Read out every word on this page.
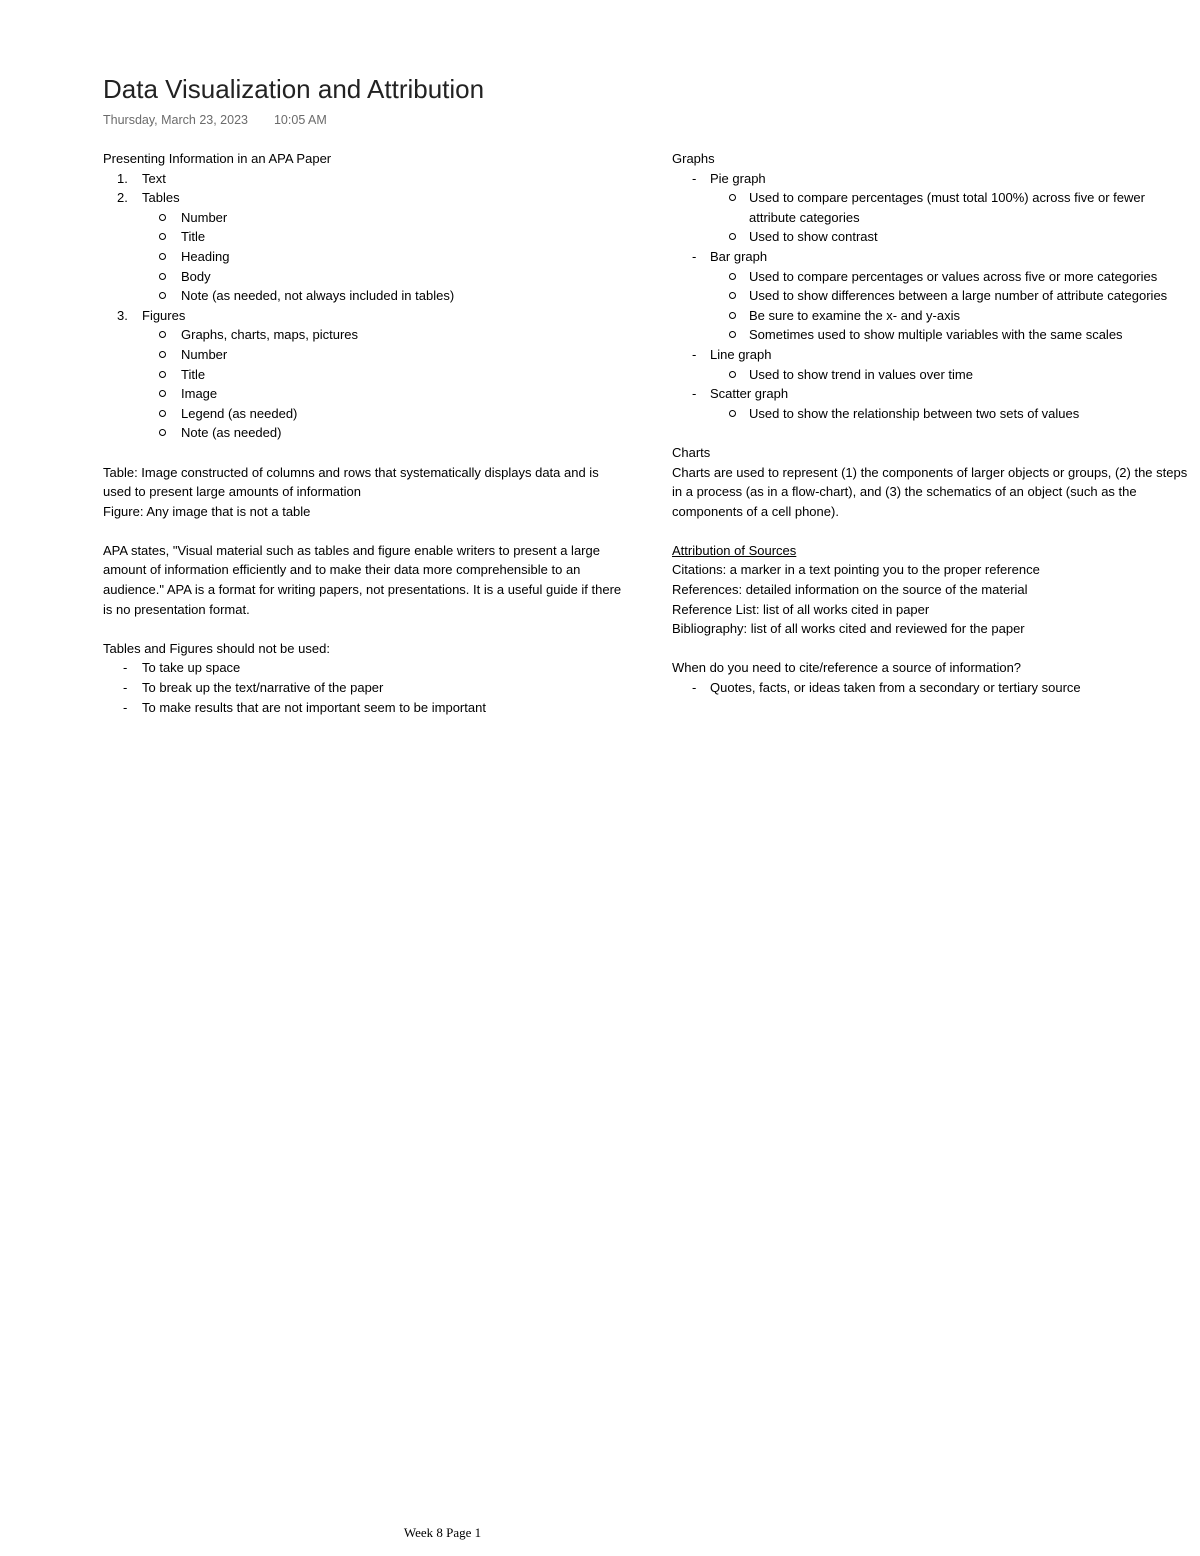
Data Visualization and Attribution
Thursday, March 23, 2023 10:05 AM
Presenting Information in an APA Paper
1. Text
2. Tables
Number
Title
Heading
Body
Note (as needed, not always included in tables)
3. Figures
Graphs, charts, maps, pictures
Number
Title
Image
Legend (as needed)
Note (as needed)
Table: Image constructed of columns and rows that systematically displays data and is used to present large amounts of information
Figure: Any image that is not a table
APA states, "Visual material such as tables and figure enable writers to present a large amount of information efficiently and to make their data more comprehensible to an audience." APA is a format for writing papers, not presentations. It is a useful guide if there is no presentation format.
Tables and Figures should not be used:
- To take up space
- To break up the text/narrative of the paper
- To make results that are not important seem to be important
Graphs
- Pie graph
Used to compare percentages (must total 100%) across five or fewer attribute categories
Used to show contrast
- Bar graph
Used to compare percentages or values across five or more categories
Used to show differences between a large number of attribute categories
Be sure to examine the x- and y-axis
Sometimes used to show multiple variables with the same scales
- Line graph
Used to show trend in values over time
- Scatter graph
Used to show the relationship between two sets of values
Charts
Charts are used to represent (1) the components of larger objects or groups, (2) the steps in a process (as in a flow-chart), and (3) the schematics of an object (such as the components of a cell phone).
Attribution of Sources
Citations: a marker in a text pointing you to the proper reference
References: detailed information on the source of the material
Reference List: list of all works cited in paper
Bibliography: list of all works cited and reviewed for the paper
When do you need to cite/reference a source of information?
- Quotes, facts, or ideas taken from a secondary or tertiary source
Week 8 Page 1
